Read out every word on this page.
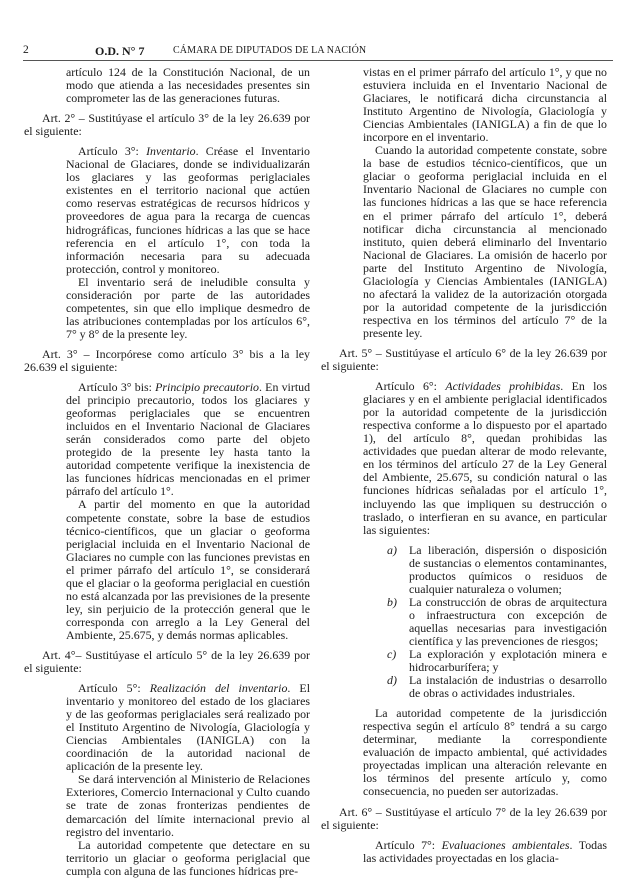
2	O.D. N° 7	CÁMARA DE DIPUTADOS DE LA NACIÓN

artículo 124 de la Constitución Nacional, de un modo que atienda a las necesidades presentes sin comprometer las de las generaciones futuras.

Art. 2° – Sustitúyase el artículo 3° de la ley 26.639 por el siguiente:

Artículo 3°: Inventario. Créase el Inventario Nacional de Glaciares, donde se individualizarán los glaciares y las geoformas periglaciales existentes en el territorio nacional que actúen como reservas estratégicas de recursos hídricos y proveedores de agua para la recarga de cuencas hidrográficas, funciones hídricas a las que se hace referencia en el artículo 1°, con toda la información necesaria para su adecuada protección, control y monitoreo.

El inventario será de ineludible consulta y consideración por parte de las autoridades competentes, sin que ello implique desmedro de las atribuciones contempladas por los artículos 6°, 7° y 8° de la presente ley.

Art. 3° – Incorpórese como artículo 3° bis a la ley 26.639 el siguiente:

Artículo 3° bis: Principio precautorio. En virtud del principio precautorio, todos los glaciares y geoformas periglaciales que se encuentren incluidos en el Inventario Nacional de Glaciares serán considerados como parte del objeto protegido de la presente ley hasta tanto la autoridad competente verifique la inexistencia de las funciones hídricas mencionadas en el primer párrafo del artículo 1°.

A partir del momento en que la autoridad competente constate, sobre la base de estudios técnico-científicos, que un glaciar o geoforma periglacial incluida en el Inventario Nacional de Glaciares no cumple con las funciones previstas en el primer párrafo del artículo 1°, se considerará que el glaciar o la geoforma periglacial en cuestión no está alcanzada por las previsiones de la presente ley, sin perjuicio de la protección general que le corresponda con arreglo a la Ley General del Ambiente, 25.675, y demás normas aplicables.

Art. 4°– Sustitúyase el artículo 5° de la ley 26.639 por el siguiente:

Artículo 5°: Realización del inventario. El inventario y monitoreo del estado de los glaciares y de las geoformas periglaciales será realizado por el Instituto Argentino de Nivología, Glaciología y Ciencias Ambientales (IANIGLA) con la coordinación de la autoridad nacional de aplicación de la presente ley.

Se dará intervención al Ministerio de Relaciones Exteriores, Comercio Internacional y Culto cuando se trate de zonas fronterizas pendientes de demarcación del límite internacional previo al registro del inventario.

La autoridad competente que detectare en su territorio un glaciar o geoforma periglacial que cumpla con alguna de las funciones hídricas pre-

vistas en el primer párrafo del artículo 1°, y que no estuviera incluida en el Inventario Nacional de Glaciares, le notificará dicha circunstancia al Instituto Argentino de Nivología, Glaciología y Ciencias Ambientales (IANIGLA) a fin de que lo incorpore en el inventario.

Cuando la autoridad competente constate, sobre la base de estudios técnico-científicos, que un glaciar o geoforma periglacial incluida en el Inventario Nacional de Glaciares no cumple con las funciones hídricas a las que se hace referencia en el primer párrafo del artículo 1°, deberá notificar dicha circunstancia al mencionado instituto, quien deberá eliminarlo del Inventario Nacional de Glaciares. La omisión de hacerlo por parte del Instituto Argentino de Nivología, Glaciología y Ciencias Ambientales (IANIGLA) no afectará la validez de la autorización otorgada por la autoridad competente de la jurisdicción respectiva en los términos del artículo 7° de la presente ley.

Art. 5° – Sustitúyase el artículo 6° de la ley 26.639 por el siguiente:

Artículo 6°: Actividades prohibidas. En los glaciares y en el ambiente periglacial identificados por la autoridad competente de la jurisdicción respectiva conforme a lo dispuesto por el apartado 1), del artículo 8°, quedan prohibidas las actividades que puedan alterar de modo relevante, en los términos del artículo 27 de la Ley General del Ambiente, 25.675, su condición natural o las funciones hídricas señaladas por el artículo 1°, incluyendo las que impliquen su destrucción o traslado, o interfieran en su avance, en particular las siguientes:

a) La liberación, dispersión o disposición de sustancias o elementos contaminantes, productos químicos o residuos de cualquier naturaleza o volumen;
b) La construcción de obras de arquitectura o infraestructura con excepción de aquellas necesarias para investigación científica y las prevenciones de riesgos;
c) La exploración y explotación minera e hidrocarburífera; y
d) La instalación de industrias o desarrollo de obras o actividades industriales.

La autoridad competente de la jurisdicción respectiva según el artículo 8° tendrá a su cargo determinar, mediante la correspondiente evaluación de impacto ambiental, qué actividades proyectadas implican una alteración relevante en los términos del presente artículo y, como consecuencia, no pueden ser autorizadas.

Art. 6° – Sustitúyase el artículo 7° de la ley 26.639 por el siguiente:

Artículo 7°: Evaluaciones ambientales. Todas las actividades proyectadas en los glacia-
